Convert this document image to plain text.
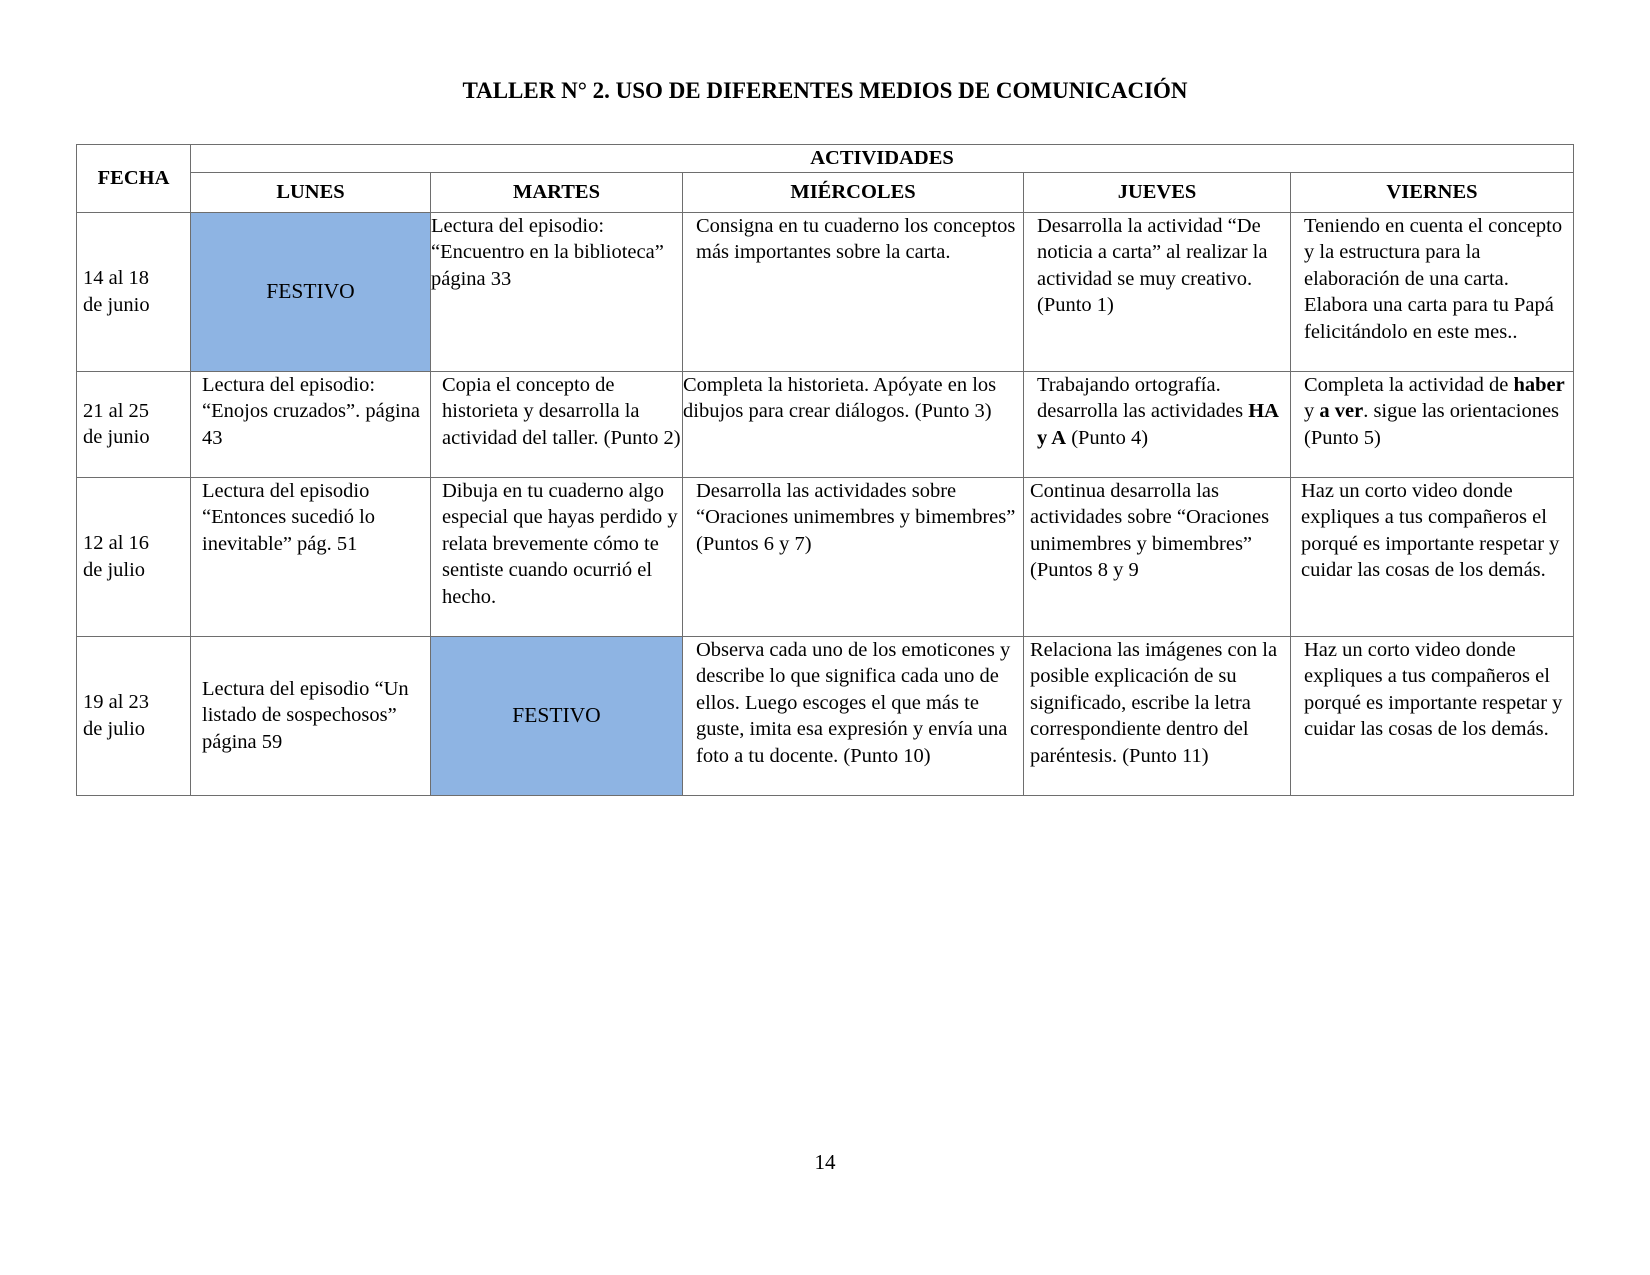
TALLER N° 2. USO DE DIFERENTES MEDIOS DE COMUNICACIÓN
FECHA	ACTIVIDADES				
	LUNES	MARTES	MIÉRCOLES	JUEVES	VIERNES

14 al 18
de junio	FESTIVO	Lectura del episodio: “Encuentro en la biblioteca” página 33	Consigna en tu cuaderno los conceptos más importantes sobre la carta.	Desarrolla la actividad “De noticia a carta” al realizar la actividad se muy creativo. (Punto 1)	Teniendo en cuenta el concepto y la estructura para la elaboración de una carta. Elabora una carta para tu Papá felicitándolo en este mes..

21 al 25
de junio	Lectura del episodio: “Enojos cruzados”. página 43	Copia el concepto de historieta y desarrolla la actividad del taller. (Punto 2)	Completa la historieta. Apóyate en los dibujos para crear diálogos. (Punto 3)	Trabajando ortografía. desarrolla las actividades HA y A (Punto 4)	Completa la actividad de haber y a ver. sigue las orientaciones (Punto 5)

12 al 16
de julio	Lectura del episodio “Entonces sucedió lo inevitable” pág. 51	Dibuja en tu cuaderno algo especial que hayas perdido y relata brevemente cómo te sentiste cuando ocurrió el hecho.	Desarrolla las actividades sobre “Oraciones unimembres y bimembres” (Puntos 6 y 7)	Continua desarrolla las actividades sobre “Oraciones unimembres y bimembres” (Puntos 8 y 9	Haz un corto video donde expliques a tus compañeros el porqué es importante respetar y cuidar las cosas de los demás.

19 al 23
de julio	Lectura del episodio “Un listado de sospechosos” página 59	FESTIVO	Observa cada uno de los emoticones y describe lo que significa cada uno de ellos. Luego escoges el que más te guste, imita esa expresión y envía una foto a tu docente. (Punto 10)	Relaciona las imágenes con la posible explicación de su significado, escribe la letra correspondiente dentro del paréntesis. (Punto 11)	Haz un corto video donde expliques a tus compañeros el porqué es importante respetar y cuidar las cosas de los demás.
14
